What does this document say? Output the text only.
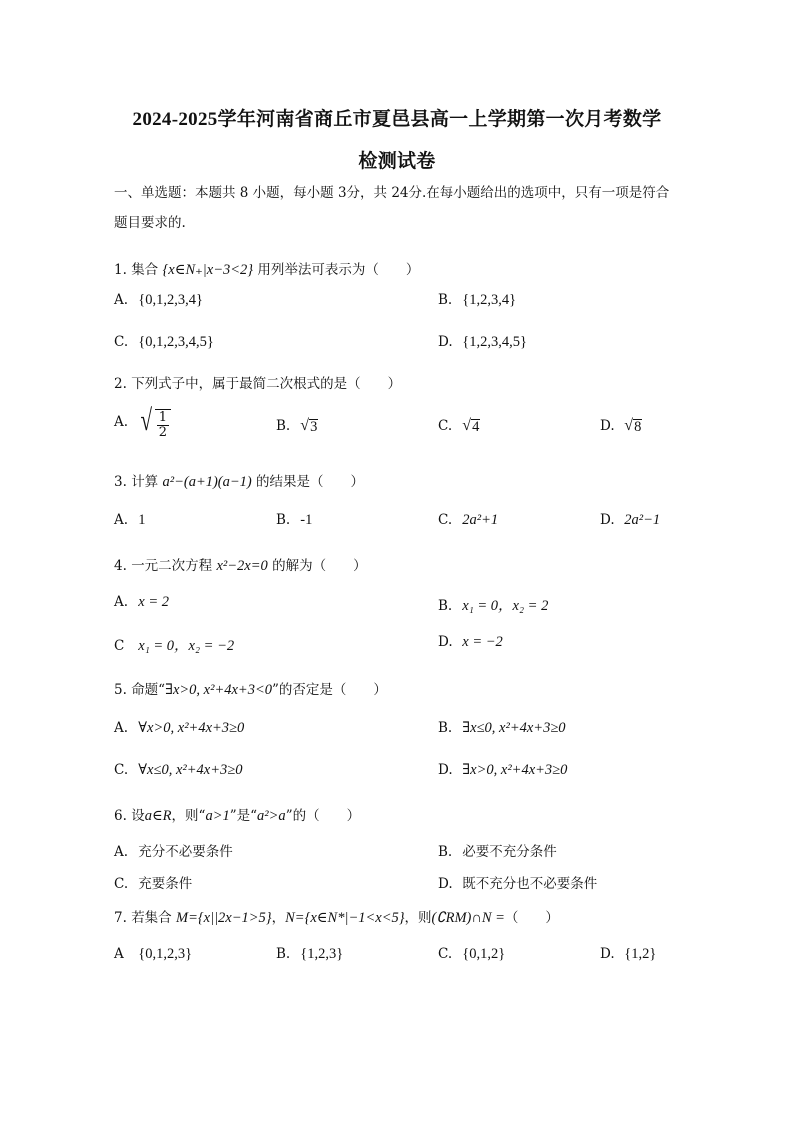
2024-2025学年河南省商丘市夏邑县高一上学期第一次月考数学
检测试卷
一、单选题：本题共 8 小题，每小题 3分，共 24分.在每小题给出的选项中，只有一项是符合题目要求的.
1. 集合 {x∈N₊|x−3<2} 用列举法可表示为（　　）
A. {0,1,2,3,4}	B. {1,2,3,4}
C. {0,1,2,3,4,5}	D. {1,2,3,4,5}
2. 下列式子中，属于最简二次根式的是（　　）
A. √ $\frac{1}{2}$	B. √ 3	C. √ 4	D. √ 8
3. 计算 a²−(a+1)(a−1) 的结果是（　　）
A. 1	B. -1	C. 2a²+1	D. 2a²−1
4. 一元二次方程 x²−2x=0 的解为（　　）
A. x = 2	B. x₁ = 0，x₂ = 2
C x₁ = 0，x₂ = −2	D. x = −2
5. 命题“∃x>0, x²+4x+3<0”的否定是（　　）
A. ∀x>0, x²+4x+3≥0	B. ∃x≤0, x²+4x+3≥0
C. ∀x≤0, x²+4x+3≥0	D. ∃x>0, x²+4x+3≥0
6. 设a∈R，则“a>1”是“a²>a”的（　　）
A. 充分不必要条件	B. 必要不充分条件
C. 充要条件	D. 既不充分也不必要条件
7. 若集合 M={x||2x−1>5}，N={x∈N*|−1<x<5}，则(∁RM)∩N =（　　）
A {0,1,2,3}	B. {1,2,3}	C. {0,1,2}	D. {1,2}
